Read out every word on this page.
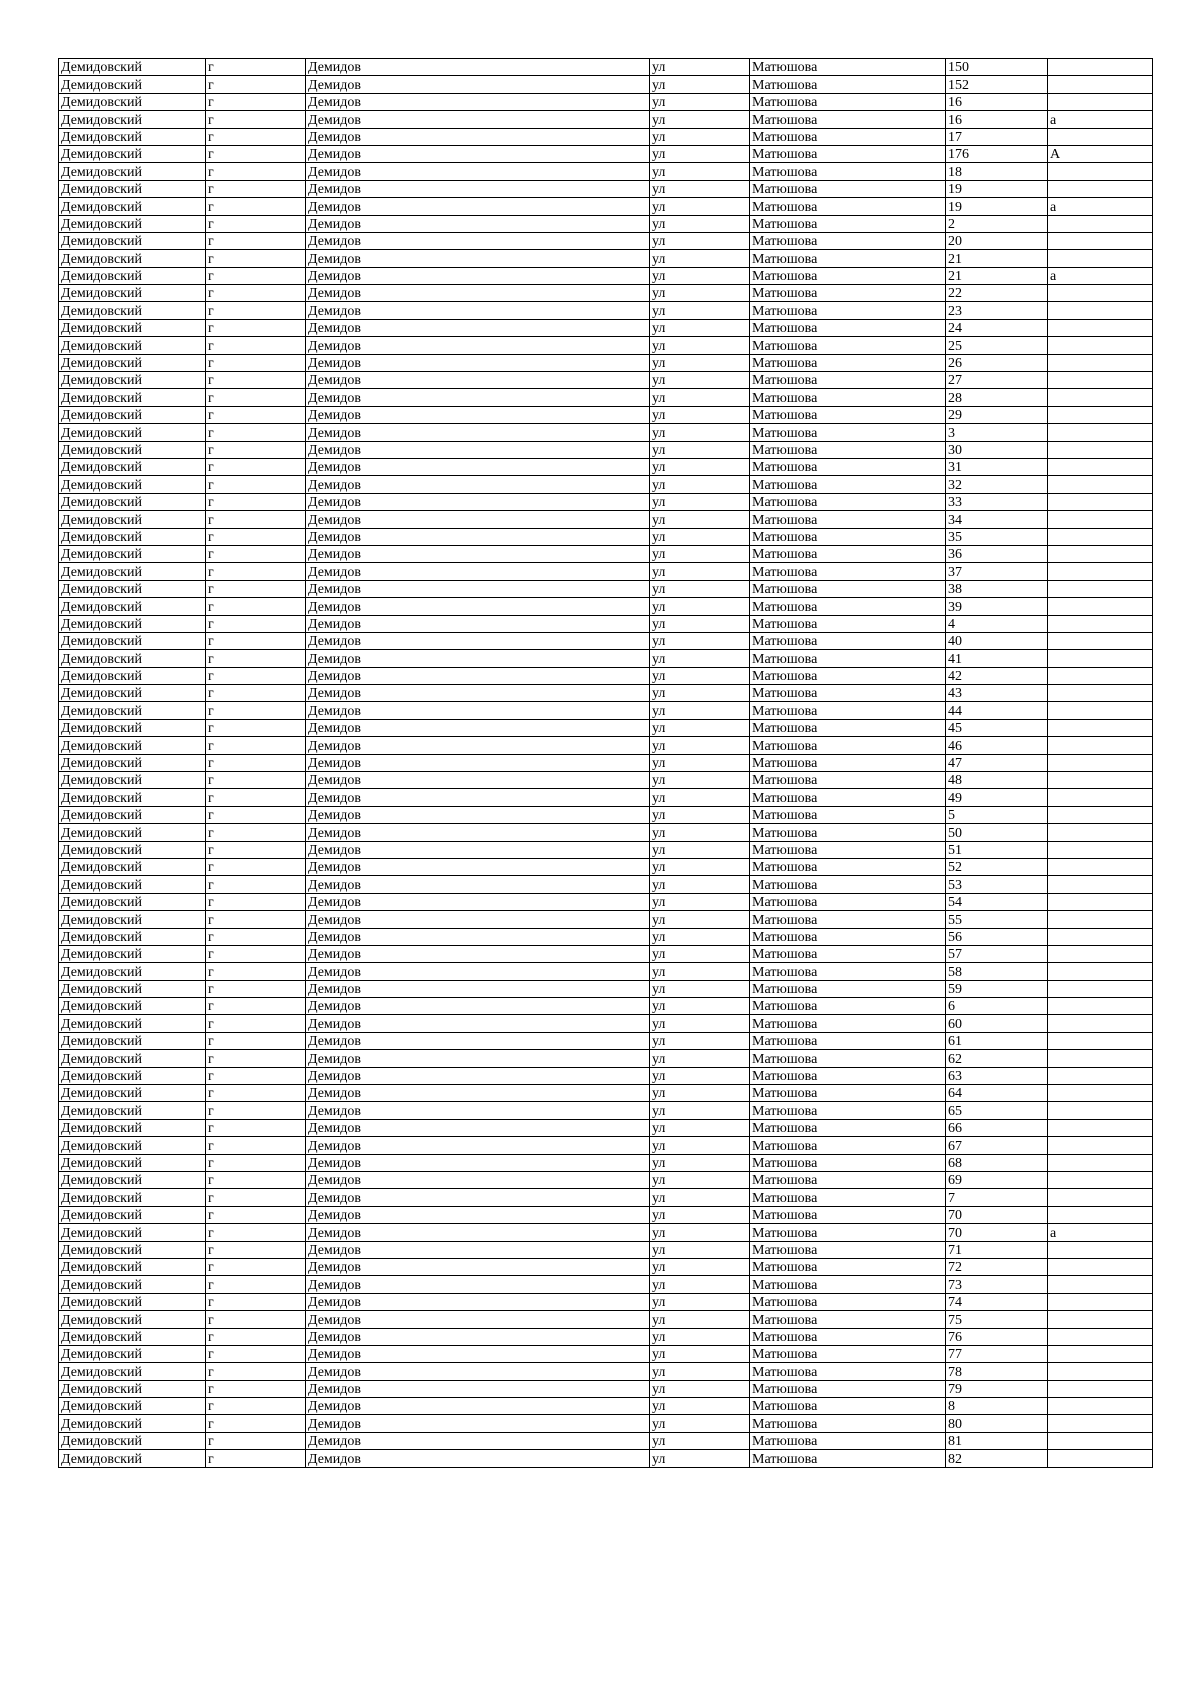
Демидовский	г	Демидов	ул	Матюшова	150	
Демидовский	г	Демидов	ул	Матюшова	152	
Демидовский	г	Демидов	ул	Матюшова	16	
Демидовский	г	Демидов	ул	Матюшова	16	а
Демидовский	г	Демидов	ул	Матюшова	17	
Демидовский	г	Демидов	ул	Матюшова	176	А
Демидовский	г	Демидов	ул	Матюшова	18	
Демидовский	г	Демидов	ул	Матюшова	19	
Демидовский	г	Демидов	ул	Матюшова	19	а
Демидовский	г	Демидов	ул	Матюшова	2	
Демидовский	г	Демидов	ул	Матюшова	20	
Демидовский	г	Демидов	ул	Матюшова	21	
Демидовский	г	Демидов	ул	Матюшова	21	а
Демидовский	г	Демидов	ул	Матюшова	22	
Демидовский	г	Демидов	ул	Матюшова	23	
Демидовский	г	Демидов	ул	Матюшова	24	
Демидовский	г	Демидов	ул	Матюшова	25	
Демидовский	г	Демидов	ул	Матюшова	26	
Демидовский	г	Демидов	ул	Матюшова	27	
Демидовский	г	Демидов	ул	Матюшова	28	
Демидовский	г	Демидов	ул	Матюшова	29	
Демидовский	г	Демидов	ул	Матюшова	3	
Демидовский	г	Демидов	ул	Матюшова	30	
Демидовский	г	Демидов	ул	Матюшова	31	
Демидовский	г	Демидов	ул	Матюшова	32	
Демидовский	г	Демидов	ул	Матюшова	33	
Демидовский	г	Демидов	ул	Матюшова	34	
Демидовский	г	Демидов	ул	Матюшова	35	
Демидовский	г	Демидов	ул	Матюшова	36	
Демидовский	г	Демидов	ул	Матюшова	37	
Демидовский	г	Демидов	ул	Матюшова	38	
Демидовский	г	Демидов	ул	Матюшова	39	
Демидовский	г	Демидов	ул	Матюшова	4	
Демидовский	г	Демидов	ул	Матюшова	40	
Демидовский	г	Демидов	ул	Матюшова	41	
Демидовский	г	Демидов	ул	Матюшова	42	
Демидовский	г	Демидов	ул	Матюшова	43	
Демидовский	г	Демидов	ул	Матюшова	44	
Демидовский	г	Демидов	ул	Матюшова	45	
Демидовский	г	Демидов	ул	Матюшова	46	
Демидовский	г	Демидов	ул	Матюшова	47	
Демидовский	г	Демидов	ул	Матюшова	48	
Демидовский	г	Демидов	ул	Матюшова	49	
Демидовский	г	Демидов	ул	Матюшова	5	
Демидовский	г	Демидов	ул	Матюшова	50	
Демидовский	г	Демидов	ул	Матюшова	51	
Демидовский	г	Демидов	ул	Матюшова	52	
Демидовский	г	Демидов	ул	Матюшова	53	
Демидовский	г	Демидов	ул	Матюшова	54	
Демидовский	г	Демидов	ул	Матюшова	55	
Демидовский	г	Демидов	ул	Матюшова	56	
Демидовский	г	Демидов	ул	Матюшова	57	
Демидовский	г	Демидов	ул	Матюшова	58	
Демидовский	г	Демидов	ул	Матюшова	59	
Демидовский	г	Демидов	ул	Матюшова	6	
Демидовский	г	Демидов	ул	Матюшова	60	
Демидовский	г	Демидов	ул	Матюшова	61	
Демидовский	г	Демидов	ул	Матюшова	62	
Демидовский	г	Демидов	ул	Матюшова	63	
Демидовский	г	Демидов	ул	Матюшова	64	
Демидовский	г	Демидов	ул	Матюшова	65	
Демидовский	г	Демидов	ул	Матюшова	66	
Демидовский	г	Демидов	ул	Матюшова	67	
Демидовский	г	Демидов	ул	Матюшова	68	
Демидовский	г	Демидов	ул	Матюшова	69	
Демидовский	г	Демидов	ул	Матюшова	7	
Демидовский	г	Демидов	ул	Матюшова	70	
Демидовский	г	Демидов	ул	Матюшова	70	а
Демидовский	г	Демидов	ул	Матюшова	71	
Демидовский	г	Демидов	ул	Матюшова	72	
Демидовский	г	Демидов	ул	Матюшова	73	
Демидовский	г	Демидов	ул	Матюшова	74	
Демидовский	г	Демидов	ул	Матюшова	75	
Демидовский	г	Демидов	ул	Матюшова	76	
Демидовский	г	Демидов	ул	Матюшова	77	
Демидовский	г	Демидов	ул	Матюшова	78	
Демидовский	г	Демидов	ул	Матюшова	79	
Демидовский	г	Демидов	ул	Матюшова	8	
Демидовский	г	Демидов	ул	Матюшова	80	
Демидовский	г	Демидов	ул	Матюшова	81	
Демидовский	г	Демидов	ул	Матюшова	82	
